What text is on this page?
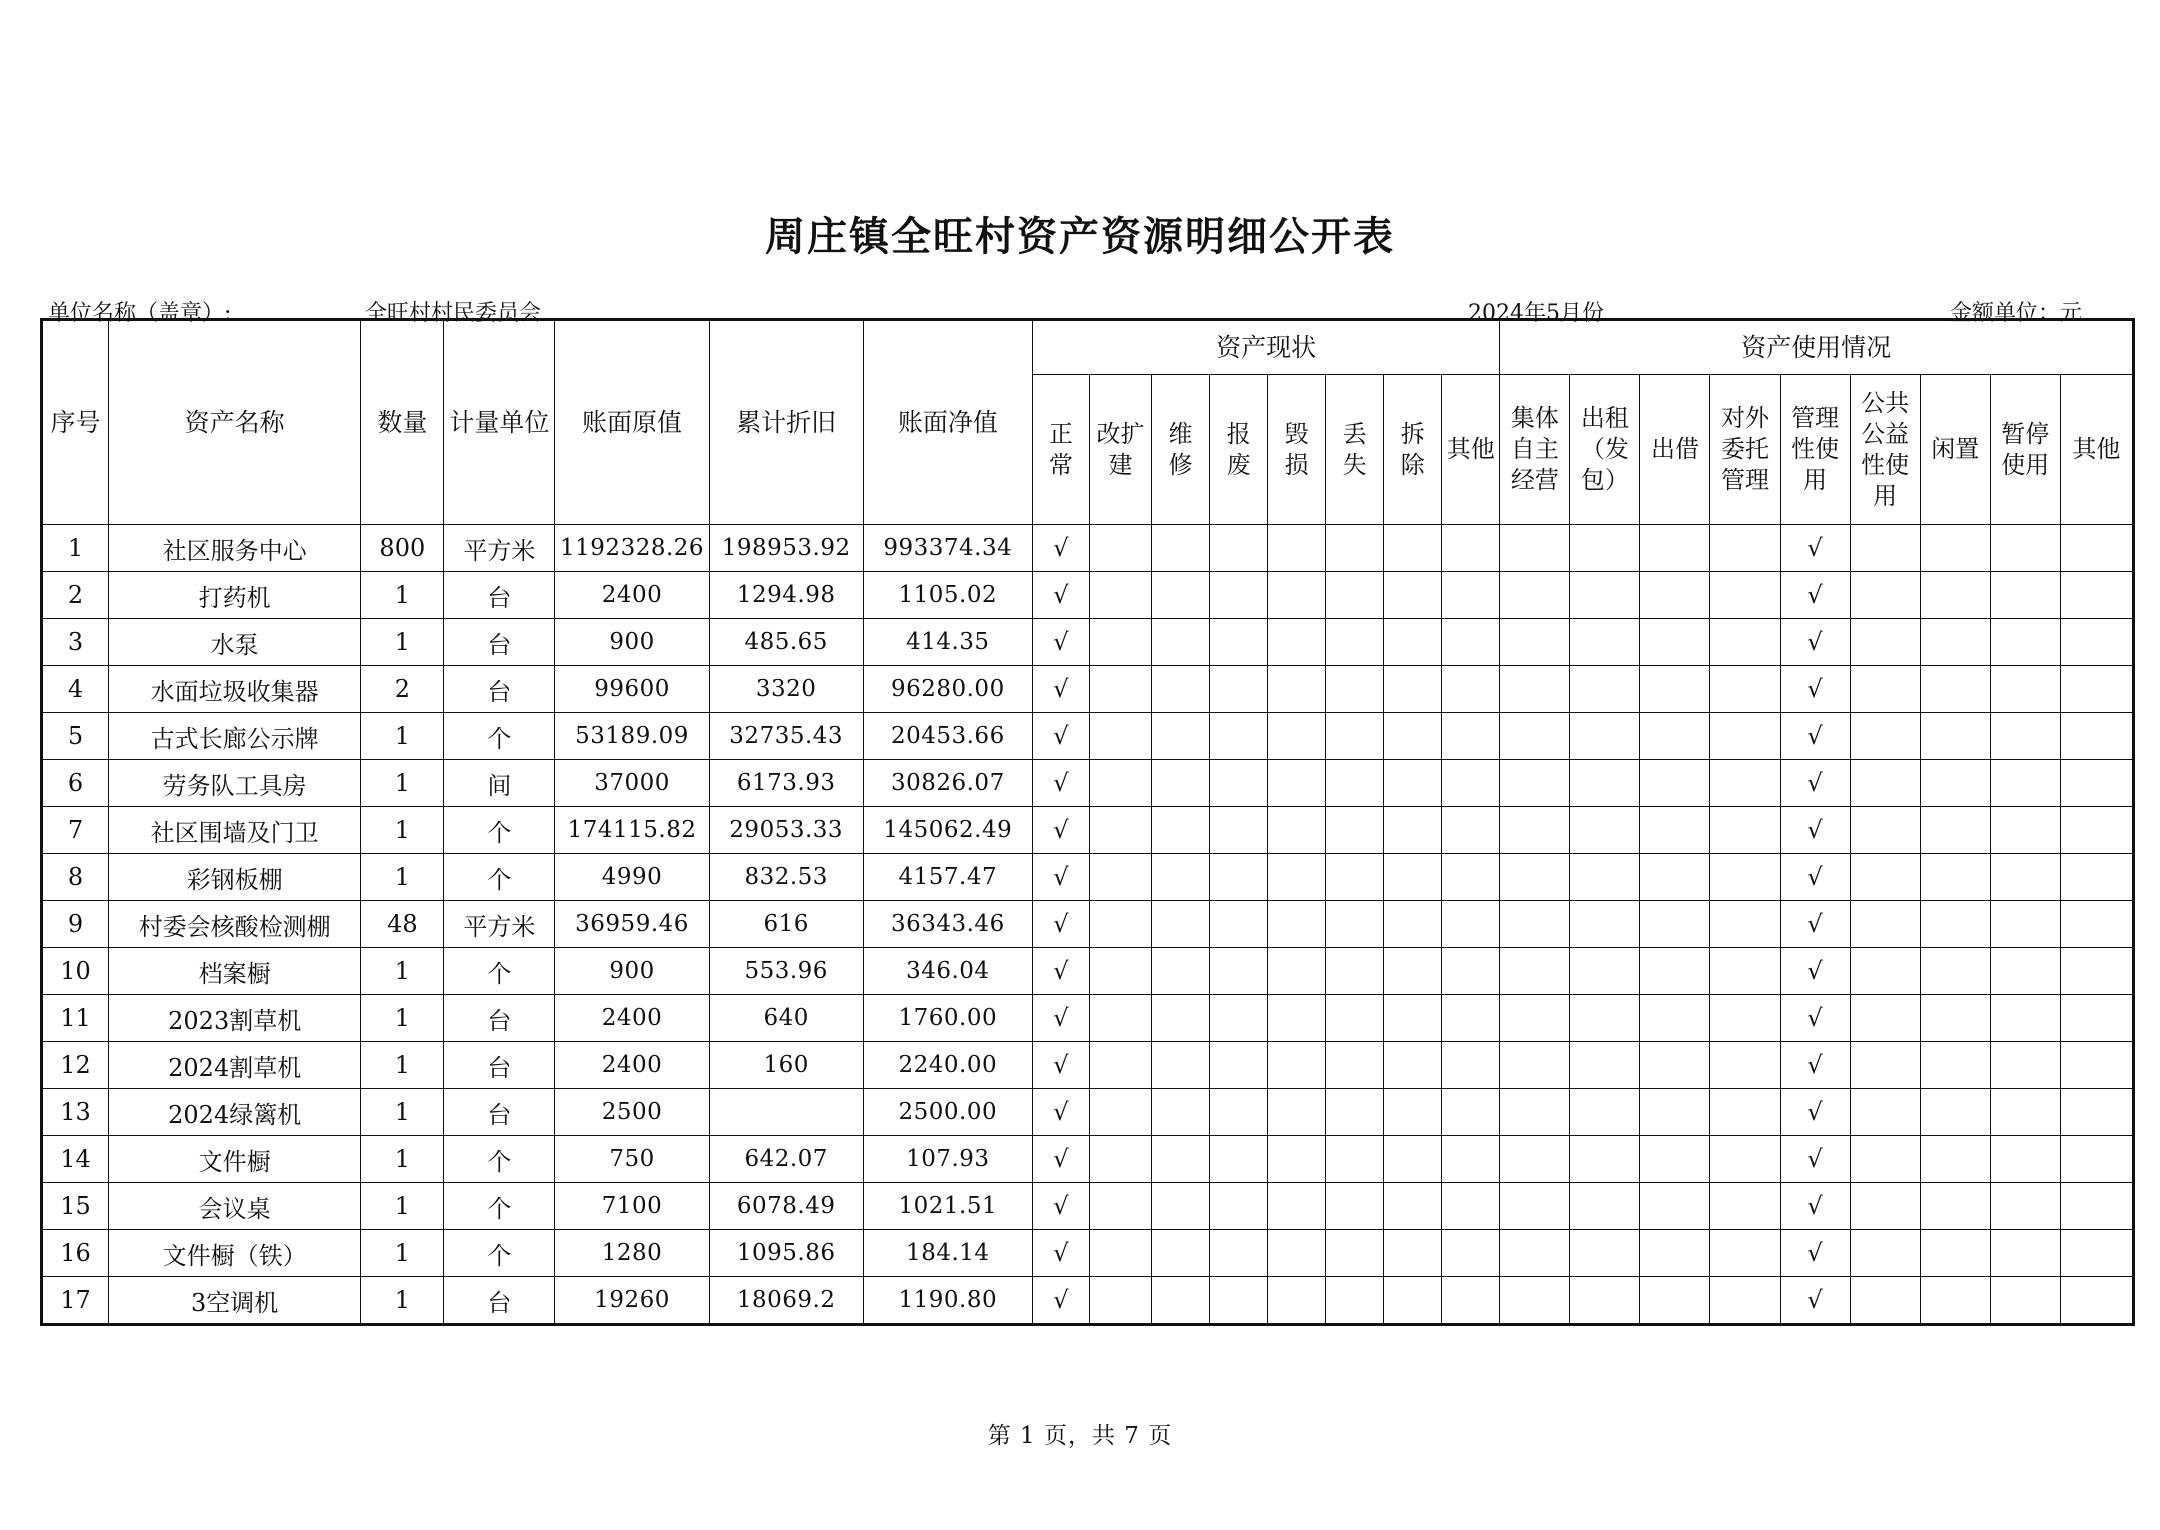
周庄镇全旺村资产资源明细公开表
单位名称（盖章）:	全旺村村民委员会	2024年5月份	金额单位：元
序号	资产名称	数量	计量单位	账面原值	累计折旧	账面净值	资产现状								资产使用情况								
							正常	改扩建	维修	报废	毁损	丢失	拆除	其他	集体自主经营	出租（发包）	出借	对外委托管理	管理性使用	公共公益性使用	闲置	暂停使用	其他
1	社区服务中心	800	平方米	1192328.26	198953.92	993374.34	√												√				
2	打药机	1	台	2400	1294.98	1105.02	√												√				
3	水泵	1	台	900	485.65	414.35	√												√				
4	水面垃圾收集器	2	台	99600	3320	96280.00	√												√				
5	古式长廊公示牌	1	个	53189.09	32735.43	20453.66	√												√				
6	劳务队工具房	1	间	37000	6173.93	30826.07	√												√				
7	社区围墙及门卫	1	个	174115.82	29053.33	145062.49	√												√				
8	彩钢板棚	1	个	4990	832.53	4157.47	√												√				
9	村委会核酸检测棚	48	平方米	36959.46	616	36343.46	√												√				
10	档案橱	1	个	900	553.96	346.04	√												√				
11	2023割草机	1	台	2400	640	1760.00	√												√				
12	2024割草机	1	台	2400	160	2240.00	√												√				
13	2024绿篱机	1	台	2500		2500.00	√												√				
14	文件橱	1	个	750	642.07	107.93	√												√				
15	会议桌	1	个	7100	6078.49	1021.51	√												√				
16	文件橱（铁）	1	个	1280	1095.86	184.14	√												√				
17	3空调机	1	台	19260	18069.2	1190.80	√												√				
第 1 页，共 7 页
